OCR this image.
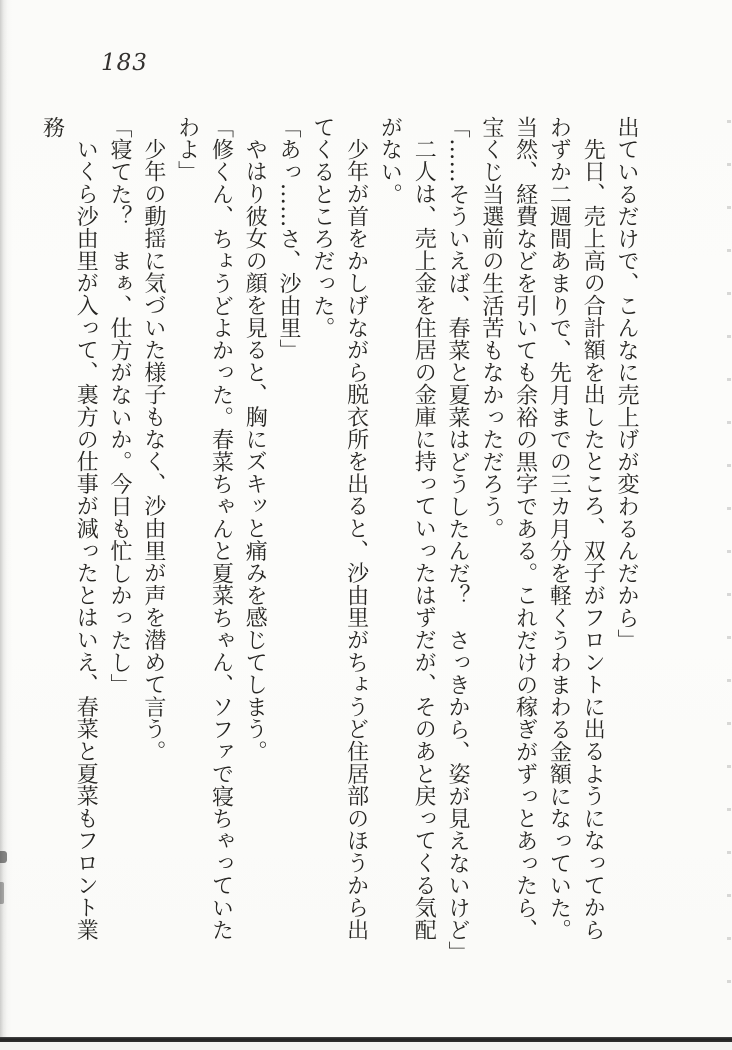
183

出ているだけで、こんなに売上げが変わるんだから」

先日、売上高の合計額を出したところ、双子がフロントに出るようになってからわずか二週間あまりで、先月までの三カ月分を軽くうわまわる金額になっていた。当然、経費などを引いても余裕の黒字である。これだけの稼ぎがずっとあったら、宝くじ当選前の生活苦もなかっただろう。

「……そういえば、春菜と夏菜はどうしたんだ？　さっきから、姿が見えないけど」

二人は、売上金を住居の金庫に持っていったはずだが、そのあと戻ってくる気配がない。

少年が首をかしげながら脱衣所を出ると、沙由里がちょうど住居部のほうから出てくるところだった。

「あっ……さ、沙由里」

やはり彼女の顔を見ると、胸にズキッと痛みを感じてしまう。

「修くん、ちょうどよかった。春菜ちゃんと夏菜ちゃん、ソファで寝ちゃっていたわよ」

少年の動揺に気づいた様子もなく、沙由里が声を潜めて言う。

「寝てた？　まぁ、仕方がないか。今日も忙しかったし」

いくら沙由里が入って、裏方の仕事が減ったとはいえ、春菜と夏菜もフロント業務
